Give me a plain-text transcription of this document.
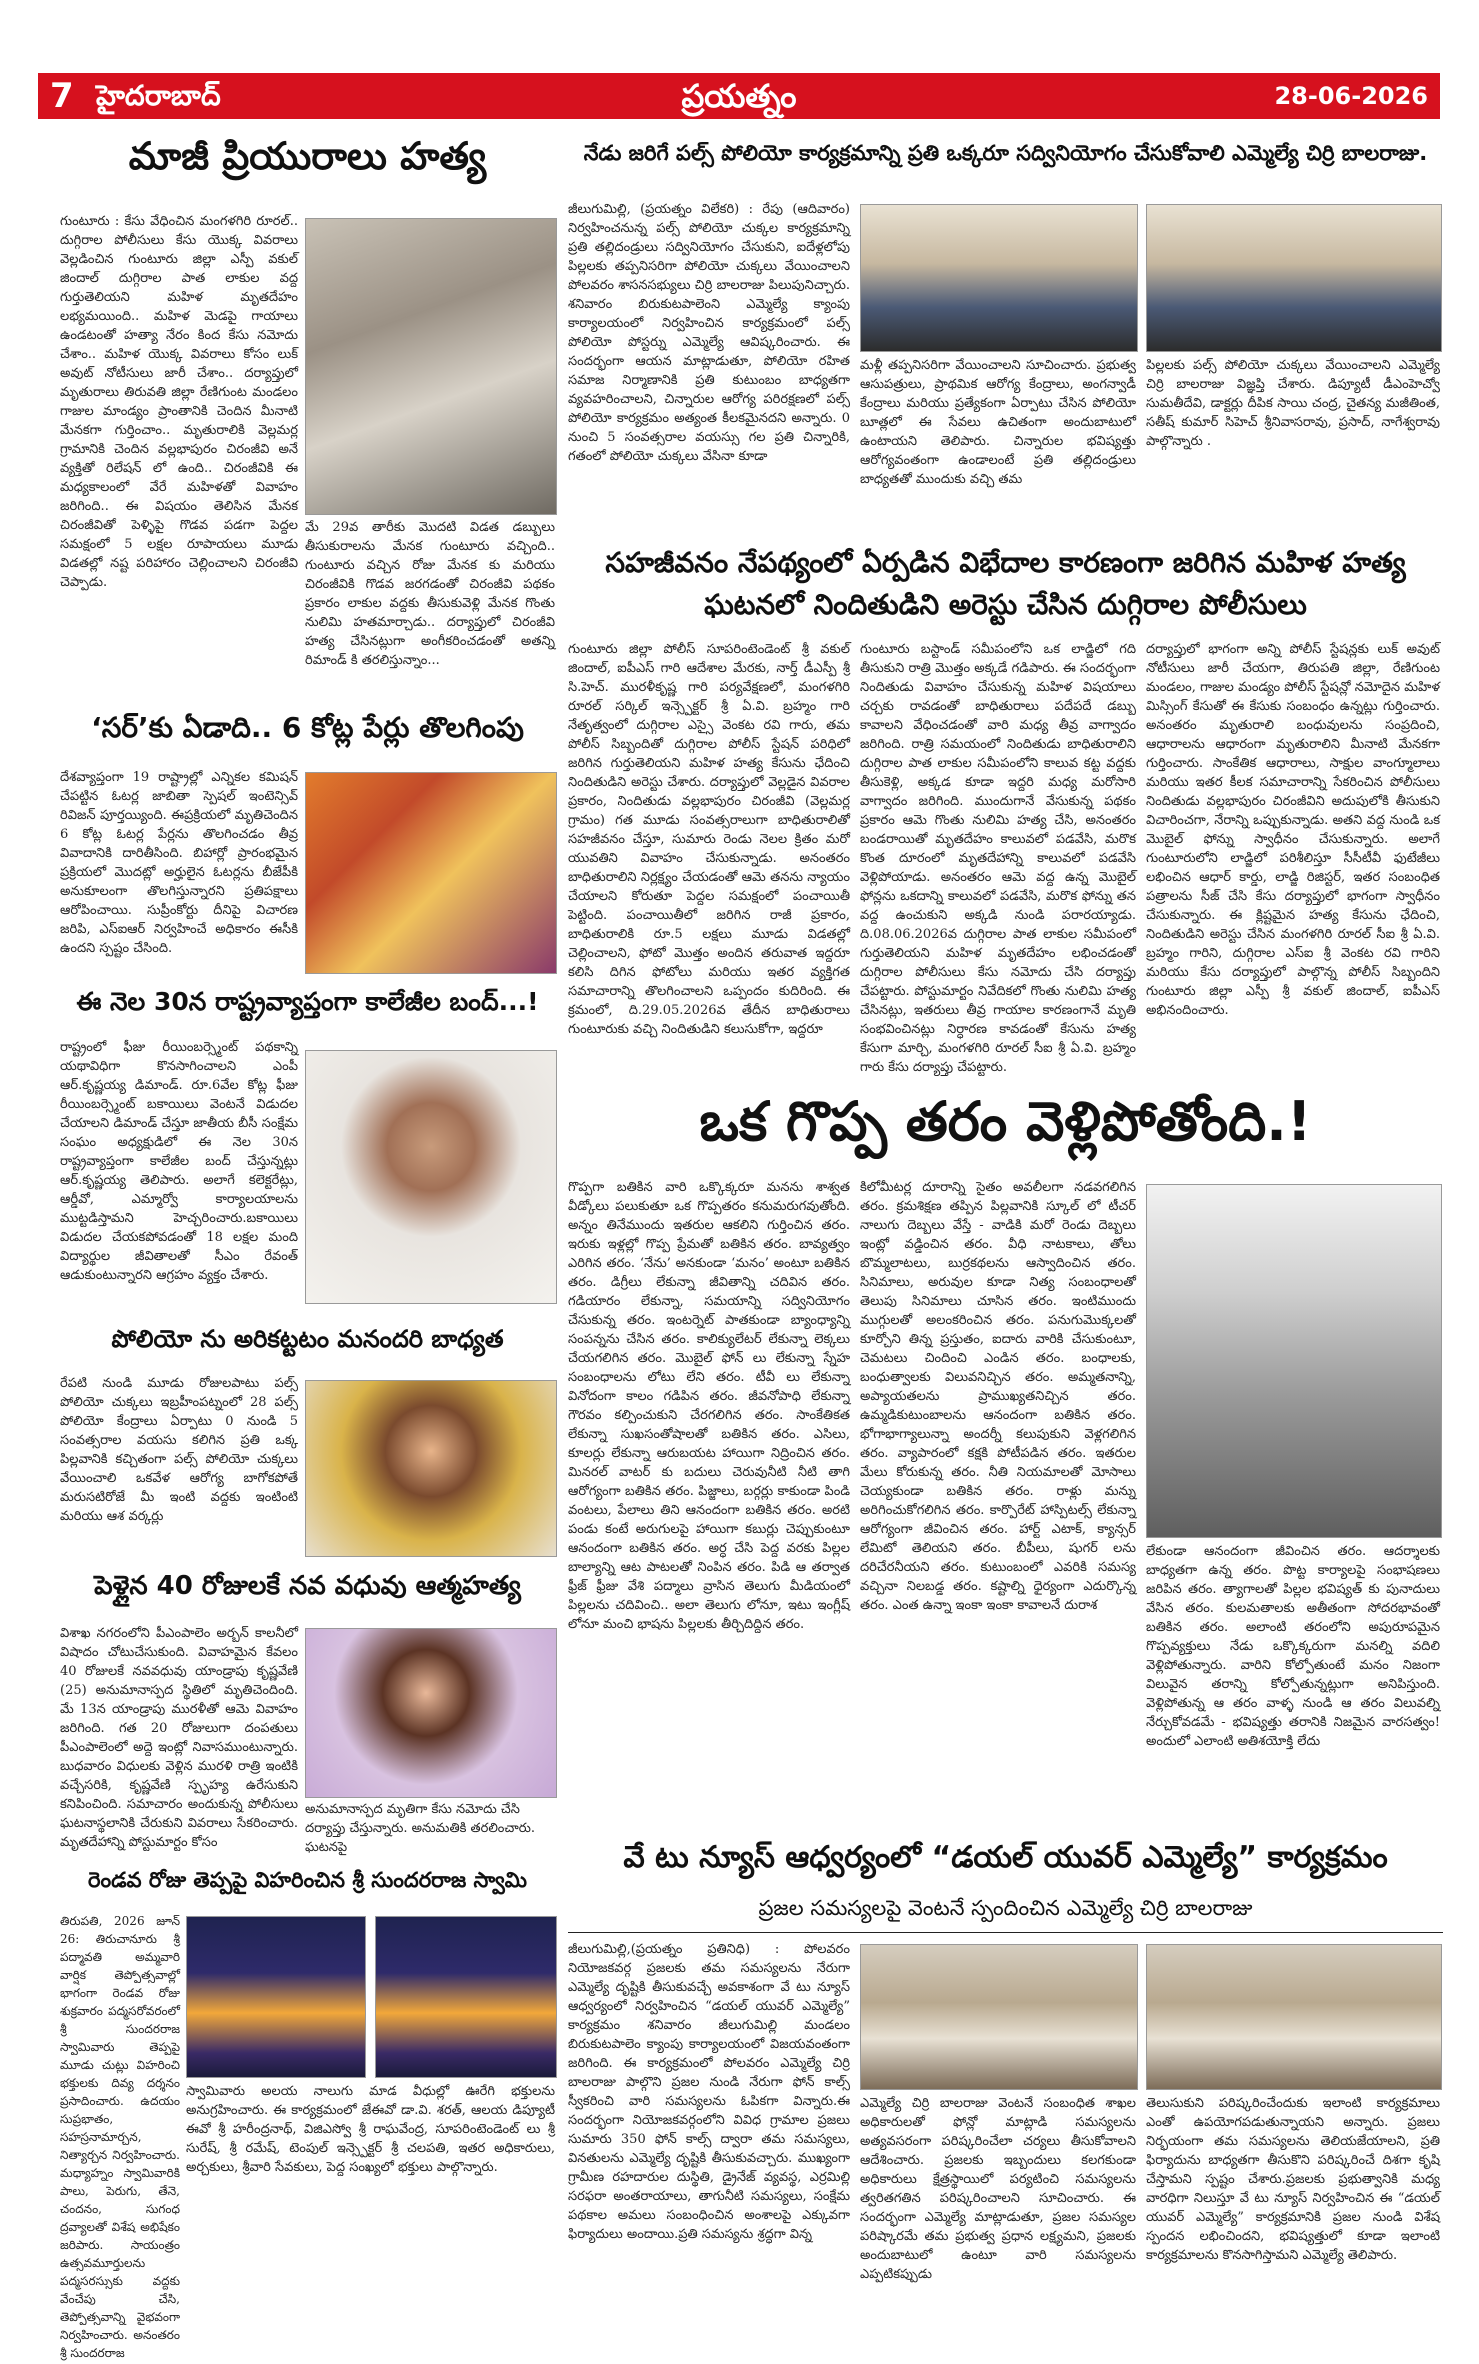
ప్రయత్నం
7 హైదరాబాద్	28-06-2026
మాజీ ప్రియురాలు హత్య
గుంటూరు : కేసు వేధించిన మంగళగిరి రూరల్.. దుగ్గిరాల పోలీసులు కేసు యొక్క వివరాలు వెల్లడించిన గుంటూరు జిల్లా ఎస్పీ వకుల్ జిందాల్ దుగ్గిరాల పాత లాకుల వద్ద గుర్తుతెలియని మహిళ మృతదేహం లభ్యమయింది.. మహిళ మెడపై గాయాలు ఉండటంతో హత్యా నేరం కింద కేసు నమోదు చేశాం.. మహిళ యొక్క వివరాలు కోసం లుక్ అవుట్ నోటీసులు జారీ చేశాం.. దర్యాప్తులో మృతురాలు తిరువతి జిల్లా రేణిగుంట మండలం గాజుల మాండ్యం ప్రాంతానికి చెందిన మీనాటి మేనకగా గుర్తించాం.. మృతురాలికి వెల్లమర్ల గ్రామానికి చెందిన వల్లభాపురం చిరంజీవి అనే వ్యక్తితో రిలేషన్ లో ఉంది.. చిరంజీవికి ఈ మధ్యకాలంలో వేరే మహిళతో వివాహం జరిగింది.. ఈ విషయం తెలిసిన మేనక చిరంజీవితో పెళ్ళిపై గొడవ పడగా పెద్దల సమక్షంలో 5 లక్షల రూపాయలు మూడు విడతల్లో నష్ట పరిహారం చెల్లించాలని చిరంజీవి చెప్పాడు.
మే 29వ తారీకు మొదటి విడత డబ్బులు తీసుకురాలను మేనక గుంటూరు వచ్చింది.. గుంటూరు వచ్చిన రోజు మేనక కు మరియు చిరంజీవికి గొడవ జరగడంతో చిరంజీవి పథకం ప్రకారం లాకుల వద్దకు తీసుకువెళ్లి మేనక గొంతు నులిమి హతమార్చాడు.. దర్యాప్తులో చిరంజీవి హత్య చేసినట్లుగా అంగీకరించడంతో అతన్ని రిమాండ్ కి తరలిస్తున్నాం...
‘సర్’కు ఏడాది.. 6 కోట్ల పేర్లు తొలగింపు
దేశవ్యాప్తంగా 19 రాష్ట్రాల్లో ఎన్నికల కమిషన్ చేపట్టిన ఓటర్ల జాబితా స్పెషల్ ఇంటెన్సివ్ రివిజన్ పూర్తయ్యింది. ఈప్రక్రియలో మృతిచెందిన 6 కోట్ల ఓటర్ల పేర్లను తొలగించడం తీవ్ర వివాదానికి దారితీసింది. బిహార్లో ప్రారంభమైన ప్రక్రియలో మొదట్లో అర్హులైన ఓటర్లను బీజేపీకి అనుకూలంగా తొలగిస్తున్నారని ప్రతిపక్షాలు ఆరోపించాయి. సుప్రీంకోర్టు దీనిపై విచారణ జరిపి, ఎస్ఐఆర్ నిర్వహించే అధికారం ఈసీకి ఉందని స్పష్టం చేసింది.
ఈ నెల 30న రాష్ట్రవ్యాప్తంగా కాలేజీల బంద్...!
రాష్ట్రంలో ఫీజు రీయింబర్స్మెంట్ పథకాన్ని యథావిధిగా కొనసాగించాలని ఎంపీ ఆర్.కృష్ణయ్య డిమాండ్. రూ.6వేల కోట్ల ఫీజు రీయింబర్స్మెంట్ బకాయిలు వెంటనే విడుదల చేయాలని డిమాండ్ చేస్తూ జాతీయ బీసీ సంక్షేమ సంఘం అధ్యక్షుడిలో ఈ నెల 30న రాష్ట్రవ్యాప్తంగా కాలేజీల బంద్ చేస్తున్నట్లు ఆర్.కృష్ణయ్య తెలిపారు. అలాగే కలెక్టరేట్లు, ఆర్డీవో, ఎమ్మార్వో కార్యాలయాలను ముట్టడిస్తామని హెచ్చరించారు.బకాయిలు విడుదల చేయకపోవడంతో 18 లక్షల మంది విద్యార్థుల జీవితాలతో సీఎం రేవంత్ ఆడుకుంటున్నారని ఆగ్రహం వ్యక్తం చేశారు.
పోలియో ను అరికట్టటం మనందరి బాధ్యత
రేపటి నుండి మూడు రోజులపాటు పల్స్ పోలియో చుక్కలు ఇబ్రహీంపట్నంలో 28 పల్స్ పోలియో కేంద్రాలు ఏర్పాటు 0 నుండి 5 సంవత్సరాల వయసు కలిగిన ప్రతి ఒక్క పిల్లవానికి కచ్చితంగా పల్స్ పోలియో చుక్కలు వేయించాలి ఒకవేళ ఆరోగ్య బాగోకపోతే మరుసటిరోజే మీ ఇంటి వద్దకు ఇంటింటి మరియు ఆశ వర్కర్లు
పెళ్లైన 40 రోజులకే నవ వధువు ఆత్మహత్య
విశాఖ నగరంలోని పీఎంపాలెం అర్బన్ కాలనీలో విషాదం చోటుచేసుకుంది. వివాహమైన కేవలం 40 రోజులకే నవవధువు యాండ్రాపు కృష్ణవేణి (25) అనుమానాస్పద స్థితిలో మృతిచెందింది. మే 13న యాండ్రాపు మురళీతో ఆమె వివాహం జరిగింది. గత 20 రోజులుగా దంపతులు పీఎంపాలెంలో అద్దె ఇంట్లో నివాసముంటున్నారు. బుధవారం విధులకు వెళ్లిన మురళి రాత్రి ఇంటికి వచ్చేసరికి, కృష్ణవేణి స్పృహ్య ఉరేసుకుని కనిపించింది. సమాచారం అందుకున్న పోలీసులు ఘటనాస్థలానికి చేరుకుని వివరాలు సేకరించారు. మృతదేహాన్ని పోస్టుమార్టం కోసం
అనుమానాస్పద మృతిగా కేసు నమోదు చేసి దర్యాప్తు చేస్తున్నారు. అనుమతికి తరలించారు. ఘటనపై
రెండవ రోజు తెప్పపై విహరించిన శ్రీ సుందరరాజ స్వామి
తిరుపతి, 2026 జూన్ 26: తిరుచానూరు శ్రీ పద్మావతి అమ్మవారి వార్షిక తెప్పోత్సవాల్లో భాగంగా రెండవ రోజు శుక్రవారం పద్మసరోవరంలో శ్రీ సుందరరాజ స్వామివారు తెప్పపై మూడు చుట్లు విహరించి భక్తులకు దివ్య దర్శనం ప్రసాదించారు. ఉదయం సుప్రభాతం, సహస్రనామార్చన, నిత్యార్చన నిర్వహించారు. మధ్యాహ్నం స్వామివారికి పాలు, పెరుగు, తేనె, చందనం, సుగంధ ద్రవ్యాలతో విశేష అభిషేకం జరిపారు. సాయంత్రం ఉత్సవమూర్తులను పద్మసరస్సుకు వద్దకు వేంచేపు చేసి, తెప్పోత్సవాన్ని వైభవంగా నిర్వహించారు. అనంతరం శ్రీ సుందరరాజ
స్వామివారు అలయ నాలుగు మాడ వీధుల్లో ఊరేగి భక్తులను అనుగ్రహించారు. ఈ కార్యక్రమంలో జేఈవో డా.వి. శరత్, ఆలయ డిప్యూటీ ఈవో శ్రీ హరీంద్రనాథ్, విజిఎస్వో శ్రీ రాఘవేంద్ర, సూపరింటెండెంట్ లు శ్రీ సురేష్, శ్రీ రమేష్, టెంపుల్ ఇన్స్పెక్టర్ శ్రీ చలపతి, ఇతర అధికారులు, అర్చకులు, శ్రీవారి సేవకులు, పెద్ద సంఖ్యలో భక్తులు పాల్గొన్నారు.
నేడు జరిగే పల్స్ పోలియో కార్యక్రమాన్ని ప్రతి ఒక్కరూ సద్వినియోగం చేసుకోవాలి ఎమ్మెల్యే చిర్రి బాలరాజు.
జీలుగుమిల్లి, (ప్రయత్నం విలేకరి) : రేపు (ఆదివారం) నిర్వహించనున్న పల్స్ పోలియో చుక్కల కార్యక్రమాన్ని ప్రతి తల్లిదండ్రులు సద్వినియోగం చేసుకుని, ఐదేళ్లలోపు పిల్లలకు తప్పనిసరిగా పోలియో చుక్కలు వేయించాలని పోలవరం శాసనసభ్యులు చిర్రి బాలరాజు పిలుపునిచ్చారు. శనివారం బిరుకుటపాలెంని ఎమ్మెల్యే క్యాంపు కార్యాలయంలో నిర్వహించిన కార్యక్రమంలో పల్స్ పోలియో పోస్టర్ను ఎమ్మెల్యే ఆవిష్కరించారు. ఈ సందర్భంగా ఆయన మాట్లాడుతూ, పోలియో రహిత సమాజ నిర్మాణానికి ప్రతి కుటుంబం బాధ్యతగా వ్యవహరించాలని, చిన్నారుల ఆరోగ్య పరిరక్షణలో పల్స్ పోలియో కార్యక్రమం అత్యంత కీలకమైనదని అన్నారు. 0 నుంచి 5 సంవత్సరాల వయస్సు గల ప్రతి చిన్నారికి, గతంలో పోలియో చుక్కలు వేసినా కూడా
మళ్లీ తప్పనిసరిగా వేయించాలని సూచించారు. ప్రభుత్వ ఆసుపత్రులు, ప్రాథమిక ఆరోగ్య కేంద్రాలు, అంగన్వాడీ కేంద్రాలు మరియు ప్రత్యేకంగా ఏర్పాటు చేసిన పోలియో బూత్లలో ఈ సేవలు ఉచితంగా అందుబాటులో ఉంటాయని తెలిపారు. చిన్నారుల భవిష్యత్తు ఆరోగ్యవంతంగా ఉండాలంటే ప్రతి తల్లిదండ్రులు బాధ్యతతో ముందుకు వచ్చి తమ
పిల్లలకు పల్స్ పోలియో చుక్కలు వేయించాలని ఎమ్మెల్యే చిర్రి బాలరాజు విజ్ఞప్తి చేశారు. డిప్యూటీ డీఎంహెచ్వో సుమతీదేవి, డాక్టర్లు దీపిక సాయి చంద్ర, చైతన్య మజీతింత, సతీష్ కుమార్ సిహెచ్ శ్రీనివాసరావు, ప్రసాద్, నాగేశ్వరావు పాల్గొన్నారు .
సహజీవనం నేపథ్యంలో ఏర్పడిన విభేదాల కారణంగా జరిగిన మహిళ హత్య ఘటనలో నిందితుడిని అరెస్టు చేసిన దుగ్గిరాల పోలీసులు
గుంటూరు జిల్లా పోలీస్ సూపరింటెండెంట్ శ్రీ వకుల్ జిందాల్, ఐపీఎస్ గారి ఆదేశాల మేరకు, నార్త్ డీఎస్పీ శ్రీ సి.హెచ్. మురళీకృష్ణ గారి పర్యవేక్షణలో, మంగళగిరి రూరల్ సర్కిల్ ఇన్స్పెక్టర్ శ్రీ ఏ.వి. బ్రహ్మం గారి నేతృత్వంలో దుగ్గిరాల ఎస్సై వెంకట రవి గారు, తమ పోలీస్ సిబ్బందితో దుగ్గిరాల పోలీస్ స్టేషన్ పరిధిలో జరిగిన గుర్తుతెలియని మహిళ హత్య కేసును ఛేదించి నిందితుడిని అరెస్టు చేశారు. దర్యాప్తులో వెల్లడైన వివరాల ప్రకారం, నిందితుడు వల్లభాపురం చిరంజీవి (వెల్లమర్ల గ్రామం) గత మూడు సంవత్సరాలుగా బాధితురాలితో సహజీవనం చేస్తూ, సుమారు రెండు నెలల క్రితం మరో యువతిని వివాహం చేసుకున్నాడు. అనంతరం బాధితురాలిని నిర్లక్ష్యం చేయడంతో ఆమె తనను న్యాయం చేయాలని కోరుతూ పెద్దల సమక్షంలో పంచాయితీ పెట్టింది. పంచాయితీలో జరిగిన రాజీ ప్రకారం, బాధితురాలికి రూ.5 లక్షలు మూడు విడతల్లో చెల్లించాలని, ఫోటో మొత్తం అందిన తరువాత ఇద్దరూ కలిసి దిగిన ఫోటోలు మరియు ఇతర వ్యక్తిగత సమాచారాన్ని తొలగించాలని ఒప్పందం కుదిరింది. ఈ క్రమంలో, ది.29.05.2026వ తేదీన బాధితురాలు గుంటూరుకు వచ్చి నిందితుడిని కలుసుకోగా, ఇద్దరూ
గుంటూరు బస్టాండ్ సమీపంలోని ఒక లాడ్జిలో గది తీసుకుని రాత్రి మొత్తం అక్కడే గడిపారు. ఈ సందర్భంగా నిందితుడు వివాహం చేసుకున్న మహిళ విషయాలు చర్చకు రావడంతో బాధితురాలు పదేపదే డబ్బు కావాలని వేధించడంతో వారి మధ్య తీవ్ర వాగ్వాదం జరిగింది. రాత్రి సమయంలో నిందితుడు బాధితురాలిని దుగ్గిరాల పాత లాకుల సమీపంలోని కాలువ కట్ట వద్దకు తీసుకెళ్లి, అక్కడ కూడా ఇద్దరి మధ్య మరోసారి వాగ్వాదం జరిగింది. ముందుగానే వేసుకున్న పథకం ప్రకారం ఆమె గొంతు నులిమి హత్య చేసి, అనంతరం బండరాయితో మృతదేహం కాలువలో పడవేసి, మరొక కొంత దూరంలో మృతదేహాన్ని కాలువలో పడవేసి వెళ్లిపోయాడు. అనంతరం ఆమె వద్ద ఉన్న మొబైల్ ఫోన్లను ఒకదాన్ని కాలువలో పడవేసి, మరొక ఫోన్ను తన వద్ద ఉంచుకుని అక్కడి నుండి పరారయ్యాడు. ది.08.06.2026వ దుగ్గిరాల పాత లాకుల సమీపంలో గుర్తుతెలియని మహిళ మృతదేహం లభించడంతో దుగ్గిరాల పోలీసులు కేసు నమోదు చేసి దర్యాప్తు చేపట్టారు. పోస్టుమార్టం నివేదికలో గొంతు నులిమి హత్య చేసినట్లు, ఇతరులు తీవ్ర గాయాల కారణంగానే మృతి సంభవించినట్లు నిర్ధారణ కావడంతో కేసును హత్య కేసుగా మార్చి, మంగళగిరి రూరల్ సీఐ శ్రీ ఏ.వి. బ్రహ్మం గారు కేసు దర్యాప్తు చేపట్టారు.
దర్యాప్తులో భాగంగా అన్ని పోలీస్ స్టేషన్లకు లుక్ అవుట్ నోటీసులు జారీ చేయగా, తిరుపతి జిల్లా, రేణిగుంట మండలం, గాజుల మండ్యం పోలీస్ స్టేషన్లో నమోదైన మహిళ మిస్సింగ్ కేసుతో ఈ కేసుకు సంబంధం ఉన్నట్లు గుర్తించారు. అనంతరం మృతురాలి బంధువులను సంప్రదించి, ఆధారాలను ఆధారంగా మృతురాలిని మీనాటి మేనకగా గుర్తించారు. సాంకేతిక ఆధారాలు, సాక్షుల వాంగ్మూలాలు మరియు ఇతర కీలక సమాచారాన్ని సేకరించిన పోలీసులు నిందితుడు వల్లభాపురం చిరంజీవిని అదుపులోకి తీసుకుని విచారించగా, నేరాన్ని ఒప్పుకున్నాడు. అతని వద్ద నుండి ఒక మొబైల్ ఫోన్ను స్వాధీనం చేసుకున్నారు. అలాగే గుంటూరులోని లాడ్జిలో పరిశీలిస్తూ సీసీటీవీ ఫుటేజీలు లభించిన ఆధార్ కార్డు, లాడ్జి రిజిస్టర్, ఇతర సంబంధిత పత్రాలను సీజ్ చేసి కేసు దర్యాప్తులో భాగంగా స్వాధీనం చేసుకున్నారు. ఈ క్లిష్టమైన హత్య కేసును ఛేదించి, నిందితుడిని అరెస్టు చేసిన మంగళగిరి రూరల్ సీఐ శ్రీ ఏ.వి. బ్రహ్మం గారిని, దుగ్గిరాల ఎస్ఐ శ్రీ వెంకట రవి గారిని మరియు కేసు దర్యాప్తులో పాల్గొన్న పోలీస్ సిబ్బందిని గుంటూరు జిల్లా ఎస్పీ శ్రీ వకుల్ జిందాల్, ఐపీఎస్ అభినందించారు.
ఒక గొప్ప తరం వెళ్లిపోతోంది.!
గొప్పగా బతికిన వారి ఒక్కొక్కరూ మనను శాశ్వత వీడ్కోలు పలుకుతూ ఒక గొప్పతరం కనుమరుగవుతోంది. అన్నం తినేముందు ఇతరుల ఆకలిని గుర్తించిన తరం. ఇరుకు ఇళ్లల్లో గొప్ప ప్రేమతో బతికిన తరం. బావ్యత్వం ఎరిగిన తరం. ‘నేను’ అనకుండా ‘మనం’ అంటూ బతికిన తరం. డిగ్రీలు లేకున్నా జీవితాన్ని చదివిన తరం. గడియారం లేకున్నా, సమయాన్ని సద్వినియోగం చేసుకున్న తరం. ఇంటర్నెట్ పాతకుండా బ్యాంధ్యాన్ని సంపన్నను చేసిన తరం. కాలిక్యులేటర్ లేకున్నా లెక్కలు చేయగలిగిన తరం. మొబైల్ ఫోన్ లు లేకున్నా స్నేహ సంబంధాలను లోటు లేని తరం. టీవీ లు లేకున్నా వినోదంగా కాలం గడిపిన తరం. జీవనోపాధి లేకున్నా గౌరవం కల్పించుకుని చేరగలిగిన తరం. సాంకేతికత లేకున్నా సుఖసంతోషాలతో బతికిన తరం. ఎసిలు, కూలర్లు లేకున్నా ఆరుబయట హాయిగా నిద్రించిన తరం. మినరల్ వాటర్ కు బదులు చెరువునీటి నీటి తాగి ఆరోగ్యంగా బతికిన తరం. పిజ్జాలు, బర్గర్లు కాకుండా పిండి వంటలు, పేలాలు తిని ఆనందంగా బతికిన తరం. అరటి పండు కంటే అరుగులపై హాయిగా కబుర్లు చెప్పుకుంటూ ఆనందంగా బతికిన తరం. అర్ధ చేసి పెద్ద వరకు పిల్లల బాల్యాన్ని ఆట పాటలతో నింపిన తరం. పిడి ఆ తర్వాత ఫ్రీజ్ ఫ్రీజు వేశి పద్మాలు వ్రాసిన తెలుగు మీడియంలో పిల్లలను చదివించి.. అలా తెలుగు లోనూ, ఇటు ఇంగ్లీష్ లోనూ మంచి భాషను పిల్లలకు తీర్చిదిద్దిన తరం.
కిలోమీటర్ల దూరాన్ని సైతం అవలీలగా నడవగలిగిన తరం. క్రమశిక్షణ తప్పిన పిల్లవానికి స్కూల్ లో టీచర్ నాలుగు దెబ్బలు వేస్తే - వాడికి మరో రెండు దెబ్బలు ఇంట్లో వడ్డించిన తరం. వీధి నాటకాలు, తోలు బొమ్మలాటలు, బుర్రకథలను ఆస్వాదించిన తరం. సినిమాలు, అరువుల కూడా నిత్య సంబంధాలతో తెలుపు సినిమాలు చూసిన తరం. ఇంటిముందు ముగ్గులతో అలంకరించిన తరం. పనుగుమొక్కలతో కూర్చోని తిన్న ప్రస్తుతం, ఐదారు వారికి చేసుకుంటూ, చెమటలు చిందించి ఎండిన తరం. బంధాలకు, బంధుత్వాలకు విలువనిచ్చిన తరం. అమ్మతనాన్ని, అప్యాయతలను ప్రాముఖ్యతనిచ్చిన తరం. ఉమ్మడికుటుంబాలను ఆనందంగా బతికిన తరం. భోగాభాగ్యాలున్నా అందర్నీ కలుపుకుని వెళ్లగలిగిన తరం. వ్యాపారంలో కక్షకి పోటీపడిన తరం. ఇతరుల మేలు కోరుకున్న తరం. నీతి నియమాలతో మోసాలు చెయ్యకుండా బతికిన తరం. రాళ్లు మన్ను అరిగించుకోగలిగిన తరం. కార్పొరేట్ హాస్పిటల్స్ లేకున్నా ఆరోగ్యంగా జీవించిన తరం. హార్ట్ ఎటాక్, క్యాన్సర్ లేమిటో తెలియని తరం. బీపీలు, షుగర్ లను దరిచేరనీయని తరం. కుటుంబంలో ఎవరికి సమస్య వచ్చినా నిలబడ్డ తరం. కష్టాల్ని ధైర్యంగా ఎదుర్కొన్న తరం. ఎంత ఉన్నా ఇంకా ఇంకా కావాలనే దురాశ
లేకుండా ఆనందంగా జీవించిన తరం. ఆదర్శాలకు బాధ్యతగా ఉన్న తరం. పొట్ట కార్యాలపై సంభాషణలు జరిపిన తరం. త్యాగాలతో పిల్లల భవిష్యత్ కు పునాదులు వేసిన తరం. కులమతాలకు అతీతంగా సోదరభావంతో బతికిన తరం. అలాంటి తరంలోని అపురూపమైన గొప్పవ్యక్తులు నేడు ఒక్కొక్కరుగా మనల్ని వదిలి వెళ్లిపోతున్నారు. వారిని కోల్పోతుంటే మనం నిజంగా విలువైన తరాన్ని కోల్పోతున్నట్లుగా అనిపిస్తుంది. వెళ్లిపోతున్న ఆ తరం వాళ్ళ నుండి ఆ తరం విలువల్ని నేర్చుకోవడమే - భవిష్యత్తు తరానికి నిజమైన వారసత్వం! అందులో ఎలాంటి అతిశయోక్తి లేదు
వే టు న్యూస్ ఆధ్వర్యంలో “డయల్ యువర్ ఎమ్మెల్యే” కార్యక్రమం
ప్రజల సమస్యలపై వెంటనే స్పందించిన ఎమ్మెల్యే చిర్రి బాలరాజు
జీలుగుమిల్లి,(ప్రయత్నం ప్రతినిధి) : పోలవరం నియోజకవర్గ ప్రజలకు తమ సమస్యలను నేరుగా ఎమ్మెల్యే దృష్టికి తీసుకువచ్చే అవకాశంగా వే టు న్యూస్ ఆధ్వర్యంలో నిర్వహించిన “డయల్ యువర్ ఎమ్మెల్యే” కార్యక్రమం శనివారం జీలుగుమిల్లి మండలం బిరుకుటపాలెం క్యాంపు కార్యాలయంలో విజయవంతంగా జరిగింది. ఈ కార్యక్రమంలో పోలవరం ఎమ్మెల్యే చిర్రి బాలరాజు పాల్గొని ప్రజల నుండి నేరుగా ఫోన్ కాల్స్ స్వీకరించి వారి సమస్యలను ఓపికగా విన్నారు.ఈ సందర్భంగా నియోజకవర్గంలోని వివిధ గ్రామాల ప్రజలు సుమారు 350 ఫోన్ కాల్స్ ద్వారా తమ సమస్యలు, వినతులను ఎమ్మెల్యే దృష్టికి తీసుకువచ్చారు. ముఖ్యంగా గ్రామీణ రహదారుల దుస్థితి, డ్రైనేజ్ వ్యవస్థ, ఎర్రమిల్లి సరఫరా అంతరాయాలు, తాగునీటి సమస్యలు, సంక్షేమ పథకాల అమలు సంబంధించిన అంశాలపై ఎక్కువగా ఫిర్యాదులు అందాయి.ప్రతి సమస్యను శ్రద్ధగా విన్న
ఎమ్మెల్యే చిర్రి బాలరాజు వెంటనే సంబంధిత శాఖల అధికారులతో ఫోన్లో మాట్లాడి సమస్యలను అత్యవసరంగా పరిష్కరించేలా చర్యలు తీసుకోవాలని ఆదేశించారు. ప్రజలకు ఇబ్బందులు కలగకుండా అధికారులు క్షేత్రస్థాయిలో పర్యటించి సమస్యలను త్వరితగతిన పరిష్కరించాలని సూచించారు. ఈ సందర్భంగా ఎమ్మెల్యే మాట్లాడుతూ, ప్రజల సమస్యల పరిష్కారమే తమ ప్రభుత్వ ప్రధాన లక్ష్యమని, ప్రజలకు అందుబాటులో ఉంటూ వారి సమస్యలను ఎప్పటికప్పుడు
తెలుసుకుని పరిష్కరించేందుకు ఇలాంటి కార్యక్రమాలు ఎంతో ఉపయోగపడుతున్నాయని అన్నారు. ప్రజలు నిర్భయంగా తమ సమస్యలను తెలియజేయాలని, ప్రతి ఫిర్యాదును బాధ్యతగా తీసుకొని పరిష్కరించే దిశగా కృషి చేస్తామని స్పష్టం చేశారు.ప్రజలకు ప్రభుత్వానికి మధ్య వారధిగా నిలుస్తూ వే టు న్యూస్ నిర్వహించిన ఈ “డయల్ యువర్ ఎమ్మెల్యే” కార్యక్రమానికి ప్రజల నుండి విశేష స్పందన లభించిందని, భవిష్యత్తులో కూడా ఇలాంటి కార్యక్రమాలను కొనసాగిస్తామని ఎమ్మెల్యే తెలిపారు.
